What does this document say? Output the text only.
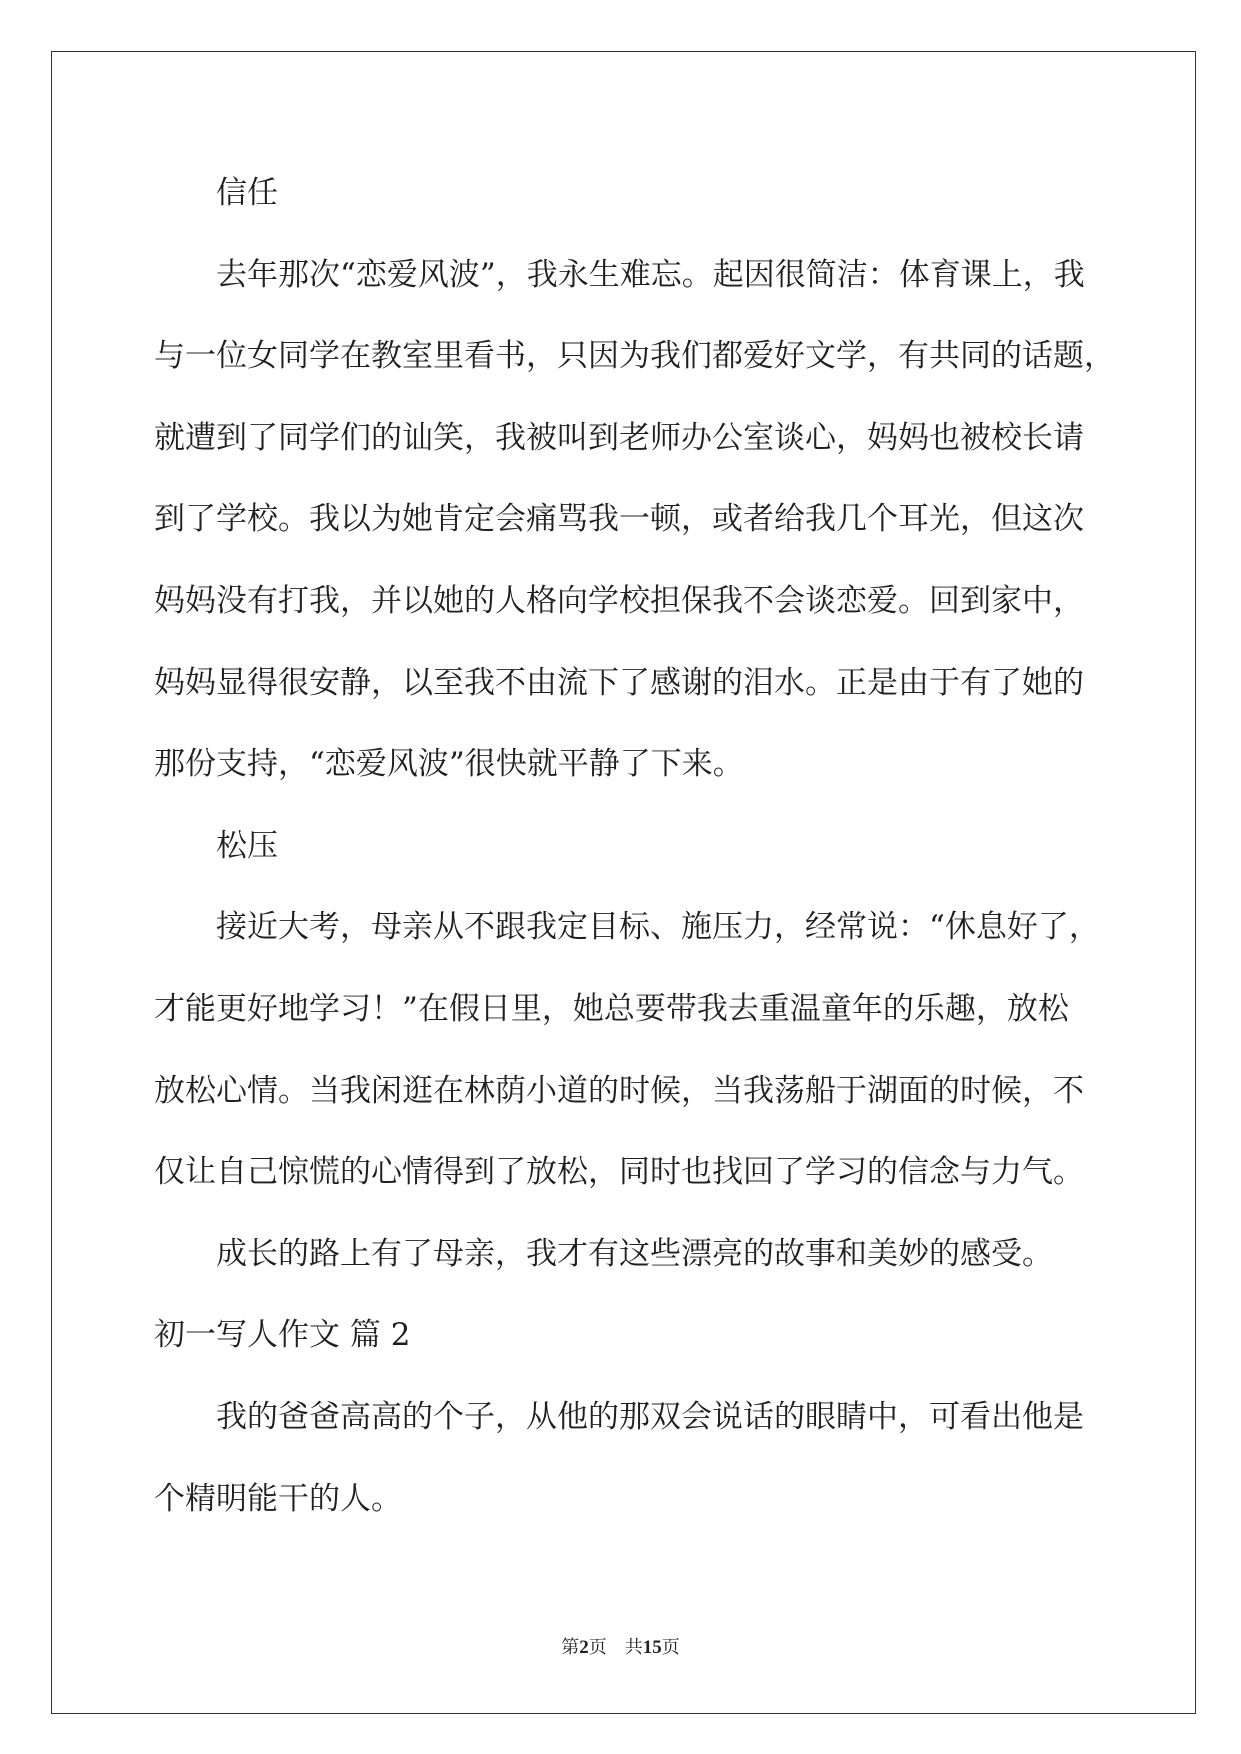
信任
去年那次“恋爱风波”，我永生难忘。起因很简洁：体育课上，我
与一位女同学在教室里看书，只因为我们都爱好文学，有共同的话题，
就遭到了同学们的讪笑，我被叫到老师办公室谈心，妈妈也被校长请
到了学校。我以为她肯定会痛骂我一顿，或者给我几个耳光，但这次
妈妈没有打我，并以她的人格向学校担保我不会谈恋爱。回到家中，
妈妈显得很安静，以至我不由流下了感谢的泪水。正是由于有了她的
那份支持，“恋爱风波”很快就平静了下来。
松压
接近大考，母亲从不跟我定目标、施压力，经常说：“休息好了，
才能更好地学习！”在假日里，她总要带我去重温童年的乐趣，放松
放松心情。当我闲逛在林荫小道的时候，当我荡船于湖面的时候，不
仅让自己惊慌的心情得到了放松，同时也找回了学习的信念与力气。
成长的路上有了母亲，我才有这些漂亮的故事和美妙的感受。
初一写人作文 篇 2
我的爸爸高高的个子，从他的那双会说话的眼睛中，可看出他是
个精明能干的人。
第2页 共15页
